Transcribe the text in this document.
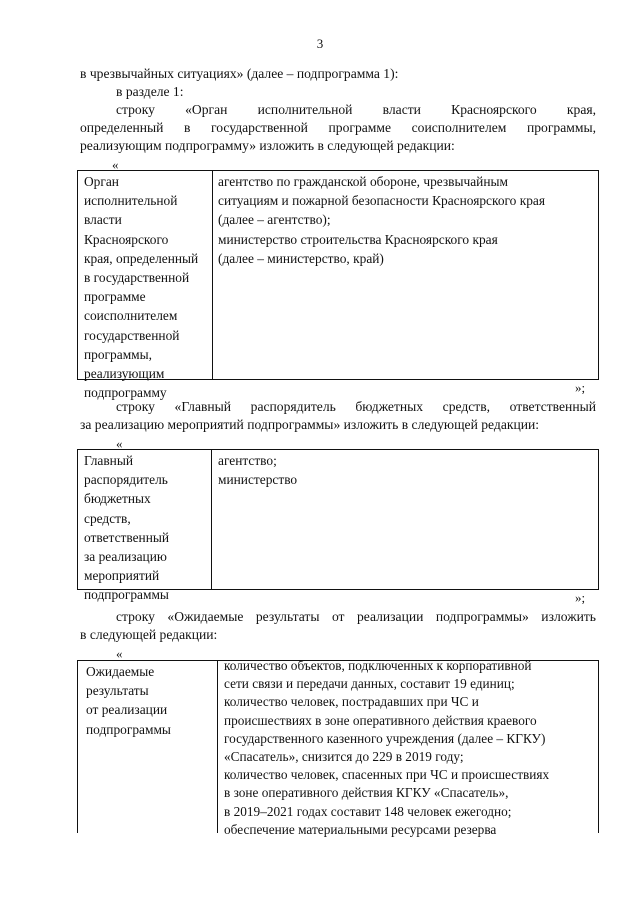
3
в чрезвычайных ситуациях» (далее – подпрограмма 1):
в разделе 1:
строку «Орган исполнительной власти Красноярского края,
определенный в государственной программе соисполнителем программы,
реализующим подпрограмму» изложить в следующей редакции:
«
Орган
исполнительной
власти
Красноярского
края, определенный
в государственной
программе
соисполнителем
государственной
программы,
реализующим
подпрограмму
агентство по гражданской обороне, чрезвычайным
ситуациям и пожарной безопасности Красноярского края
(далее – агентство);
министерство строительства Красноярского края
(далее – министерство, край)
»;
строку «Главный распорядитель бюджетных средств, ответственный
за реализацию мероприятий подпрограммы» изложить в следующей редакции:
«
Главный
распорядитель
бюджетных
средств,
ответственный
за реализацию
мероприятий
подпрограммы
агентство;
министерство
»;
строку «Ожидаемые результаты от реализации подпрограммы» изложить
в следующей редакции:
«
Ожидаемые
результаты
от реализации
подпрограммы
количество объектов, подключенных к корпоративной
сети связи и передачи данных, составит 19 единиц;
количество человек, пострадавших при ЧС и
происшествиях в зоне оперативного действия краевого
государственного казенного учреждения (далее – КГКУ)
«Спасатель», снизится до 229 в 2019 году;
количество человек, спасенных при ЧС и происшествиях
в зоне оперативного действия КГКУ «Спасатель»,
в 2019–2021 годах составит 148 человек ежегодно;
обеспечение материальными ресурсами резерва
